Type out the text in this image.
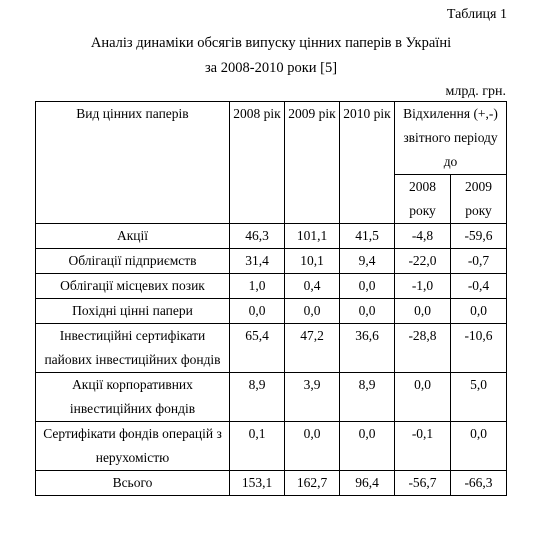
Таблиця 1
Аналіз динаміки обсягів випуску цінних паперів в Україні
за 2008-2010 роки [5]
млрд. грн.
Вид цінних паперів	2008 рік	2009 рік	2010 рік	Відхилення (+,-) звітного періоду до	
				2008 року	2009 року
Акції	46,3	101,1	41,5	-4,8	-59,6
Облігації підприємств	31,4	10,1	9,4	-22,0	-0,7
Облігації місцевих позик	1,0	0,4	0,0	-1,0	-0,4
Похідні цінні папери	0,0	0,0	0,0	0,0	0,0
Інвестиційні сертифікати пайових інвестиційних фондів	65,4	47,2	36,6	-28,8	-10,6
Акції корпоративних інвестиційних фондів	8,9	3,9	8,9	0,0	5,0
Сертифікати фондів операцій з нерухомістю	0,1	0,0	0,0	-0,1	0,0
Всього	153,1	162,7	96,4	-56,7	-66,3
